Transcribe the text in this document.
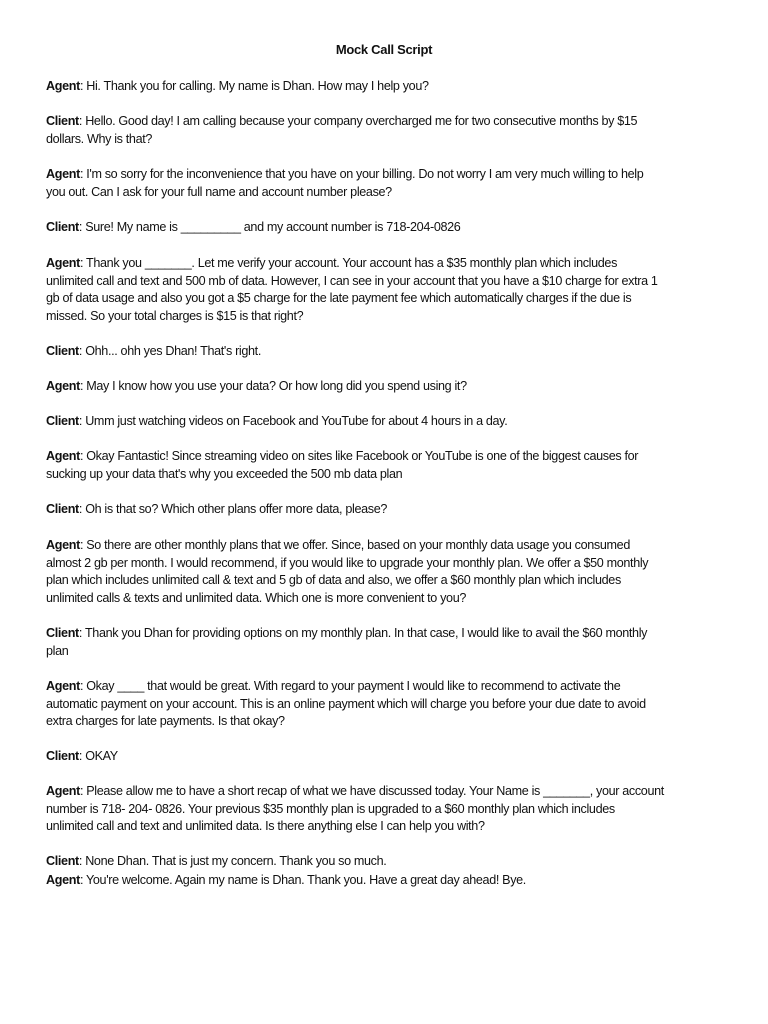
Mock Call Script
Agent: Hi. Thank you for calling. My name is Dhan. How may I help you?
Client: Hello. Good day! I am calling because your company overcharged me for two consecutive months by $15
dollars. Why is that?
Agent: I'm so sorry for the inconvenience that you have on your billing. Do not worry I am very much willing to help
you out. Can I ask for your full name and account number please?
Client: Sure! My name is _________ and my account number is 718-204-0826
Agent: Thank you _______. Let me verify your account. Your account has a $35 monthly plan which includes
unlimited call and text and 500 mb of data. However, I can see in your account that you have a $10 charge for extra 1
gb of data usage and also you got a $5 charge for the late payment fee which automatically charges if the due is
missed. So your total charges is $15 is that right?
Client: Ohh... ohh yes Dhan! That's right.
Agent: May I know how you use your data? Or how long did you spend using it?
Client: Umm just watching videos on Facebook and YouTube for about 4 hours in a day.
Agent: Okay Fantastic! Since streaming video on sites like Facebook or YouTube is one of the biggest causes for
sucking up your data that's why you exceeded the 500 mb data plan
Client: Oh is that so? Which other plans offer more data, please?
Agent: So there are other monthly plans that we offer. Since, based on your monthly data usage you consumed
almost 2 gb per month. I would recommend, if you would like to upgrade your monthly plan. We offer a $50 monthly
plan which includes unlimited call & text and 5 gb of data and also, we offer a $60 monthly plan which includes
unlimited calls & texts and unlimited data. Which one is more convenient to you?
Client: Thank you Dhan for providing options on my monthly plan. In that case, I would like to avail the $60 monthly
plan
Agent: Okay ____ that would be great. With regard to your payment I would like to recommend to activate the
automatic payment on your account. This is an online payment which will charge you before your due date to avoid
extra charges for late payments. Is that okay?
Client: OKAY
Agent: Please allow me to have a short recap of what we have discussed today. Your Name is _______, your account
number is 718- 204- 0826. Your previous $35 monthly plan is upgraded to a $60 monthly plan which includes
unlimited call and text and unlimited data. Is there anything else I can help you with?
Client: None Dhan. That is just my concern. Thank you so much.
Agent: You're welcome. Again my name is Dhan. Thank you. Have a great day ahead! Bye.
